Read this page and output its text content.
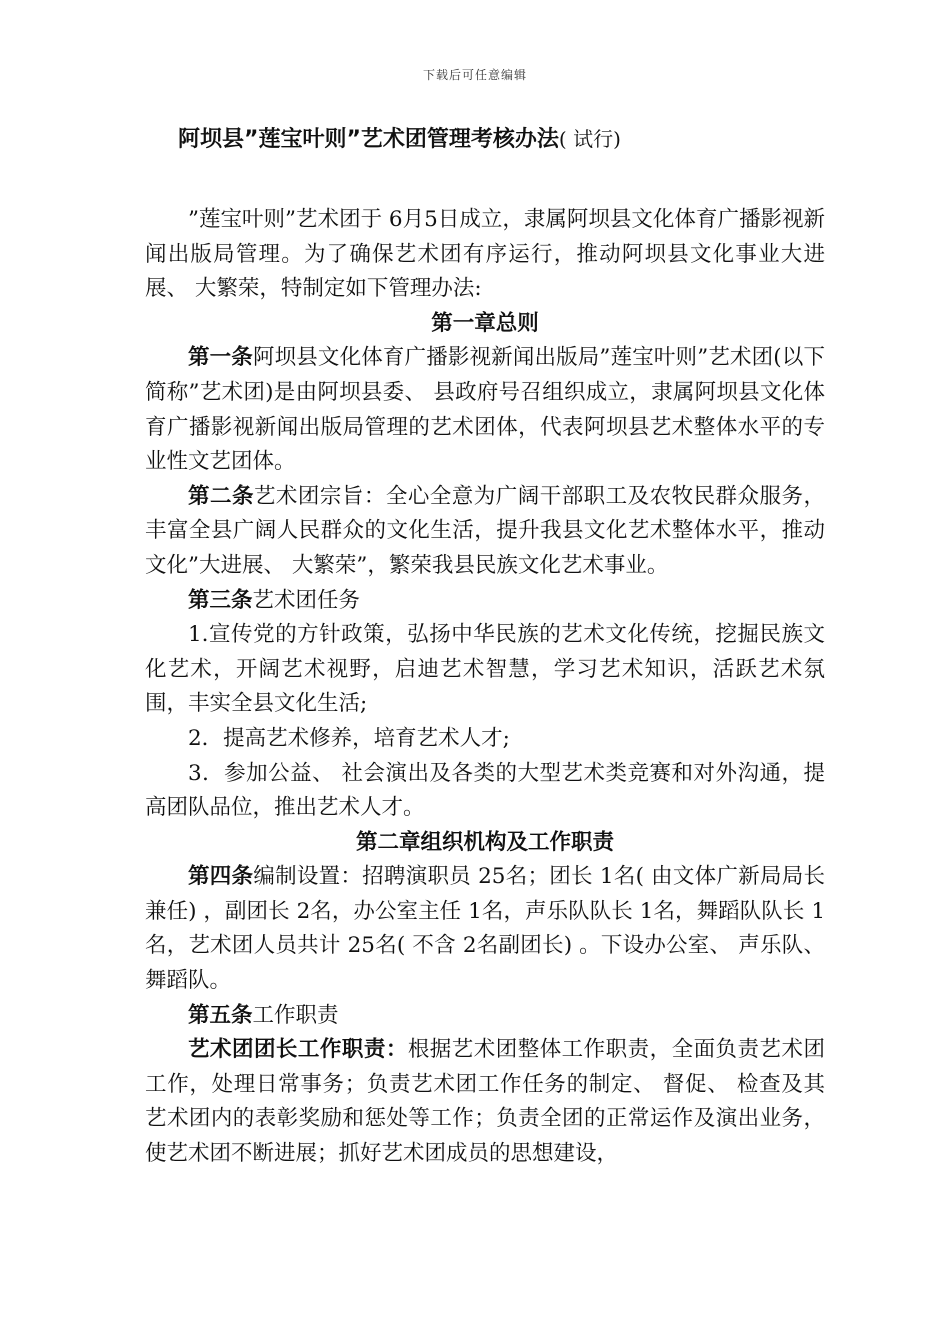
下载后可任意编辑
阿坝县”莲宝叶则”艺术团管理考核办法( 试行)

”莲宝叶则”艺术团于 6月5日成立，隶属阿坝县文化体育广播影视新闻出版局管理。为了确保艺术团有序运行，推动阿坝县文化事业大进展、 大繁荣，特制定如下管理办法:

第一章总则

第一条阿坝县文化体育广播影视新闻出版局”莲宝叶则”艺术团(以下简称”艺术团)是由阿坝县委、 县政府号召组织成立，隶属阿坝县文化体育广播影视新闻出版局管理的艺术团体，代表阿坝县艺术整体水平的专业性文艺团体。

第二条艺术团宗旨：全心全意为广阔干部职工及农牧民群众服务，丰富全县广阔人民群众的文化生活，提升我县文化艺术整体水平，推动文化”大进展、 大繁荣”，繁荣我县民族文化艺术事业。

第三条艺术团任务

1.宣传党的方针政策，弘扬中华民族的艺术文化传统，挖掘民族文化艺术，开阔艺术视野，启迪艺术智慧，学习艺术知识，活跃艺术氛围，丰实全县文化生活;

2．提高艺术修养，培育艺术人才;

3．参加公益、 社会演出及各类的大型艺术类竞赛和对外沟通，提高团队品位，推出艺术人才。

第二章组织机构及工作职责

第四条编制设置：招聘演职员 25名；团长 1名( 由文体广新局局长兼任) ，副团长 2名，办公室主任 1名，声乐队队长 1名，舞蹈队队长 1名，艺术团人员共计 25名( 不含 2名副团长) 。下设办公室、 声乐队、 舞蹈队。

第五条工作职责

艺术团团长工作职责：根据艺术团整体工作职责，全面负责艺术团工作，处理日常事务；负责艺术团工作任务的制定、 督促、 检查及其艺术团内的表彰奖励和惩处等工作；负责全团的正常运作及演出业务，使艺术团不断进展；抓好艺术团成员的思想建设，
